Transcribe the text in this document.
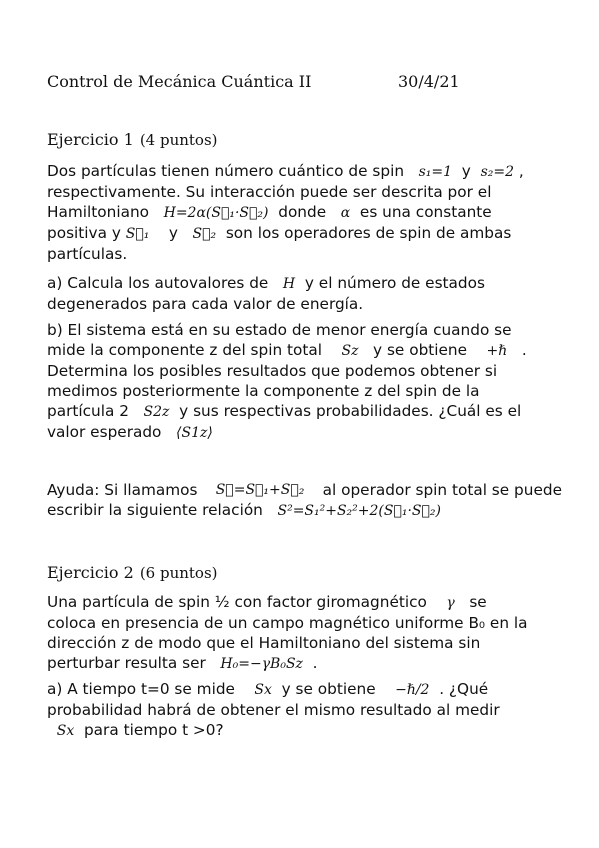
Control de Mecánica Cuántica II	30/4/21
Ejercicio 1 (4 puntos)
Dos partículas tienen número cuántico de spin s₁=1 y s₂=2 ,
respectivamente. Su interacción puede ser descrita por el
Hamiltoniano H=2α(S⃗₁·S⃗₂) donde α es una constante
positiva y S⃗₁ y S⃗₂ son los operadores de spin de ambas
partículas.
a) Calcula los autovalores de H y el número de estados
degenerados para cada valor de energía.
b) El sistema está en su estado de menor energía cuando se
mide la componente z del spin total Sz y se obtiene +ℏ .
Determina los posibles resultados que podemos obtener si
medimos posteriormente la componente z del spin de la
partícula 2 S2z y sus respectivas probabilidades. ¿Cuál es el
valor esperado ⟨S1z⟩
Ayuda: Si llamamos S⃗=S⃗₁+S⃗₂ al operador spin total se puede
escribir la siguiente relación S²=S₁²+S₂²+2(S⃗₁·S⃗₂)
Ejercicio 2 (6 puntos)
Una partícula de spin ½ con factor giromagnético γ se
coloca en presencia de un campo magnético uniforme B₀ en la
dirección z de modo que el Hamiltoniano del sistema sin
perturbar resulta ser H₀=−γB₀Sz .
a) A tiempo t=0 se mide Sx y se obtiene −ℏ/2 . ¿Qué
probabilidad habrá de obtener el mismo resultado al medir
Sx para tiempo t >0?
